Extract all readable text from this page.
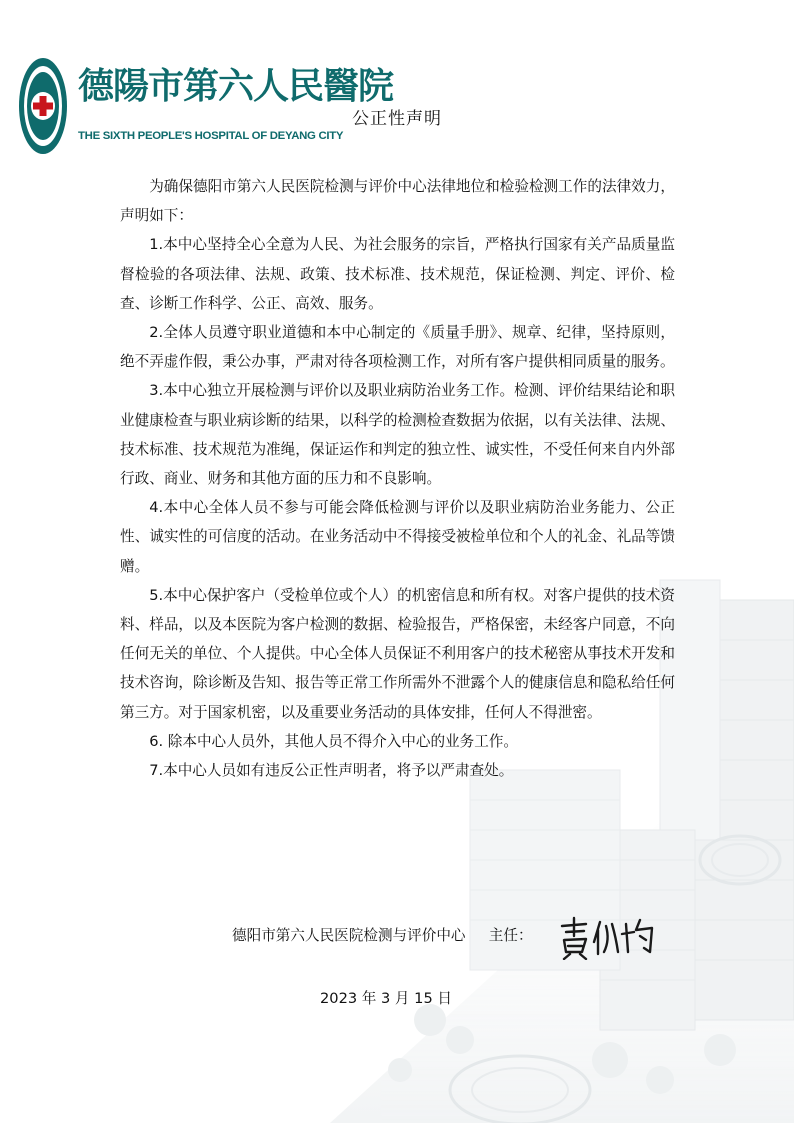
德陽市第六人民醫院
THE SIXTH PEOPLE'S HOSPITAL OF DEYANG CITY
公正性声明

为确保德阳市第六人民医院检测与评价中心法律地位和检验检测工作的法律效力，声明如下：

1.本中心坚持全心全意为人民、为社会服务的宗旨，严格执行国家有关产品质量监督检验的各项法律、法规、政策、技术标准、技术规范，保证检测、判定、评价、检查、诊断工作科学、公正、高效、服务。

2.全体人员遵守职业道德和本中心制定的《质量手册》、规章、纪律，坚持原则，绝不弄虚作假，秉公办事，严肃对待各项检测工作，对所有客户提供相同质量的服务。

3.本中心独立开展检测与评价以及职业病防治业务工作。检测、评价结果结论和职业健康检查与职业病诊断的结果，以科学的检测检查数据为依据，以有关法律、法规、技术标准、技术规范为准绳，保证运作和判定的独立性、诚实性，不受任何来自内外部行政、商业、财务和其他方面的压力和不良影响。

4.本中心全体人员不参与可能会降低检测与评价以及职业病防治业务能力、公正性、诚实性的可信度的活动。在业务活动中不得接受被检单位和个人的礼金、礼品等馈赠。

5.本中心保护客户（受检单位或个人）的机密信息和所有权。对客户提供的技术资料、样品，以及本医院为客户检测的数据、检验报告，严格保密，未经客户同意，不向任何无关的单位、个人提供。中心全体人员保证不利用客户的技术秘密从事技术开发和技术咨询，除诊断及告知、报告等正常工作所需外不泄露个人的健康信息和隐私给任何第三方。对于国家机密，以及重要业务活动的具体安排，任何人不得泄密。

6. 除本中心人员外，其他人员不得介入中心的业务工作。

7.本中心人员如有违反公正性声明者，将予以严肃查处。

德阳市第六人民医院检测与评价中心 主任：
2023 年 3 月 15 日
